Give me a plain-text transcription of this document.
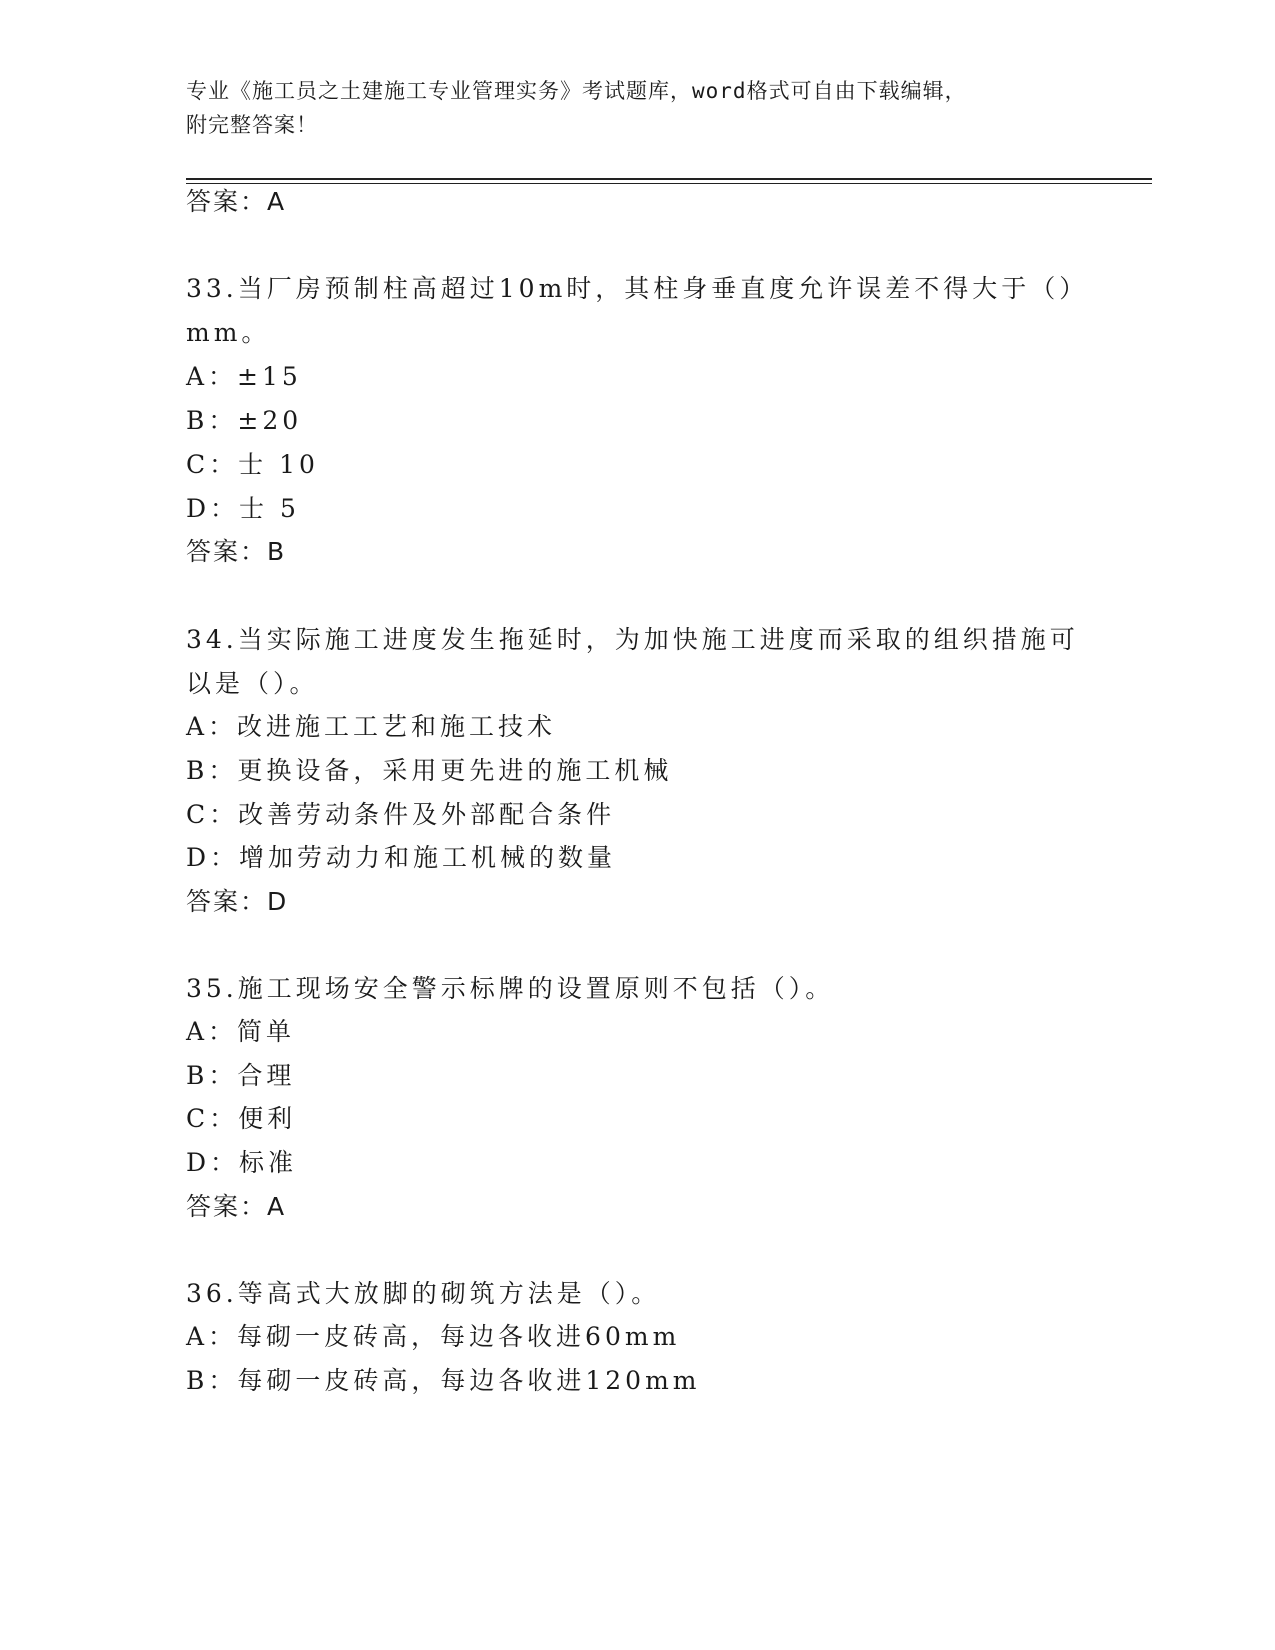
专业《施工员之土建施工专业管理实务》考试题库，word格式可自由下载编辑，
附完整答案！
答案：A
33.当厂房预制柱高超过10m时，其柱身垂直度允许误差不得大于（）
mm。
A：±15
B：±20
C：士 10
D：士 5
答案：B
34.当实际施工进度发生拖延时，为加快施工进度而采取的组织措施可
以是（）。
A：改进施工工艺和施工技术
B：更换设备，采用更先进的施工机械
C：改善劳动条件及外部配合条件
D：增加劳动力和施工机械的数量
答案：D
35.施工现场安全警示标牌的设置原则不包括（）。
A：简单
B：合理
C：便利
D：标准
答案：A
36.等高式大放脚的砌筑方法是（）。
A：每砌一皮砖高，每边各收进60mm
B：每砌一皮砖高，每边各收进120mm
